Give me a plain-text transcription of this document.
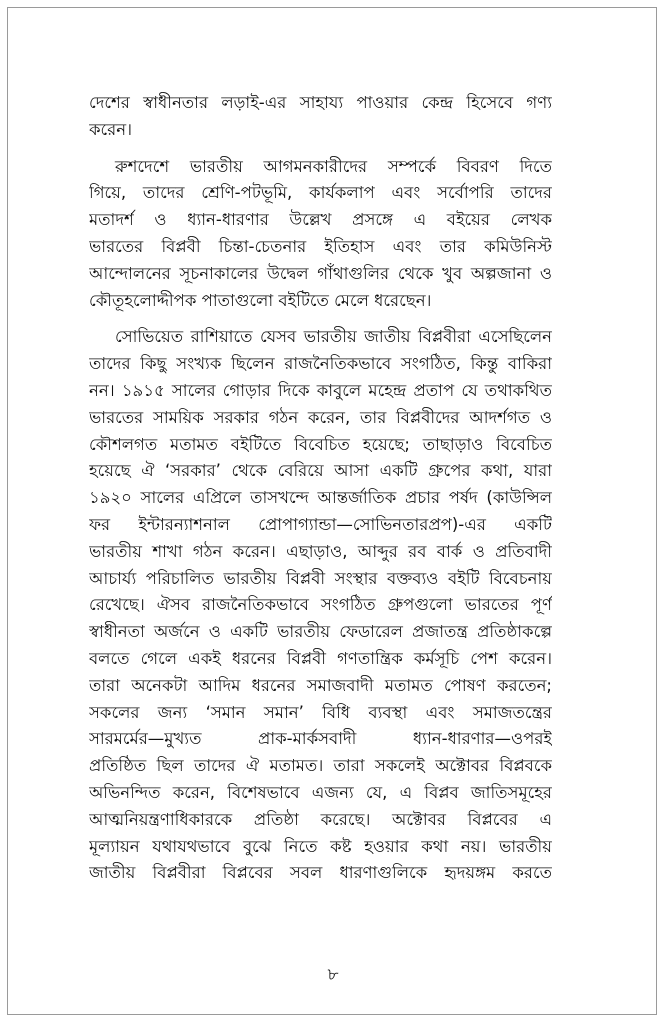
দেশের স্বাধীনতার লড়াই-এর সাহায্য পাওয়ার কেন্দ্র হিসেবে গণ্য
করেন।
রুশদেশে ভারতীয় আগমনকারীদের সম্পর্কে বিবরণ দিতে
গিয়ে, তাদের শ্রেণি-পটভূমি, কার্যকলাপ এবং সর্বোপরি তাদের
মতাদর্শ ও ধ্যান-ধারণার উল্লেখ প্রসঙ্গে এ বইয়ের লেখক
ভারতের বিপ্লবী চিন্তা-চেতনার ইতিহাস এবং তার কমিউনিস্ট
আন্দোলনের সূচনাকালের উদ্বেল গাঁথাগুলির থেকে খুব অল্পজানা ও
কৌতূহলোদ্দীপক পাতাগুলো বইটিতে মেলে ধরেছেন।
সোভিয়েত রাশিয়াতে যেসব ভারতীয় জাতীয় বিপ্লবীরা এসেছিলেন
তাদের কিছু সংখ্যক ছিলেন রাজনৈতিকভাবে সংগঠিত, কিন্তু বাকিরা
নন। ১৯১৫ সালের গোড়ার দিকে কাবুলে মহেন্দ্র প্রতাপ যে তথাকথিত
ভারতের সাময়িক সরকার গঠন করেন, তার বিপ্লবীদের আদর্শগত ও
কৌশলগত মতামত বইটিতে বিবেচিত হয়েছে; তাছাড়াও বিবেচিত
হয়েছে ঐ ‘সরকার’ থেকে বেরিয়ে আসা একটি গ্রুপের কথা, যারা
১৯২০ সালের এপ্রিলে তাসখন্দে আন্তর্জাতিক প্রচার পর্ষদ (কাউন্সিল
ফর ইন্টারন্যাশনাল প্রোপাগ্যান্ডা—সোভিনতারপ্রপ)-এর একটি
ভারতীয় শাখা গঠন করেন। এছাড়াও, আব্দুর রব বার্ক ও প্রতিবাদী
আচার্য্য পরিচালিত ভারতীয় বিপ্লবী সংস্থার বক্তব্যও বইটি বিবেচনায়
রেখেছে। ঐসব রাজনৈতিকভাবে সংগঠিত গ্রুপগুলো ভারতের পূর্ণ
স্বাধীনতা অর্জনে ও একটি ভারতীয় ফেডারেল প্রজাতন্ত্র প্রতিষ্ঠাকল্পে
বলতে গেলে একই ধরনের বিপ্লবী গণতান্ত্রিক কর্মসূচি পেশ করেন।
তারা অনেকটা আদিম ধরনের সমাজবাদী মতামত পোষণ করতেন;
সকলের জন্য ‘সমান সমান’ বিধি ব্যবস্থা এবং সমাজতন্ত্রের
সারমর্মের—মুখ্যত প্রাক-মার্কসবাদী ধ্যান-ধারণার—ওপরই
প্রতিষ্ঠিত ছিল তাদের ঐ মতামত। তারা সকলেই অক্টোবর বিপ্লবকে
অভিনন্দিত করেন, বিশেষভাবে এজন্য যে, এ বিপ্লব জাতিসমূহের
আত্মনিয়ন্ত্রণাধিকারকে প্রতিষ্ঠা করেছে। অক্টোবর বিপ্লবের এ
মূল্যায়ন যথাযথভাবে বুঝে নিতে কষ্ট হওয়ার কথা নয়। ভারতীয়
জাতীয় বিপ্লবীরা বিপ্লবের সবল ধারণাগুলিকে হৃদয়ঙ্গম করতে
৮
